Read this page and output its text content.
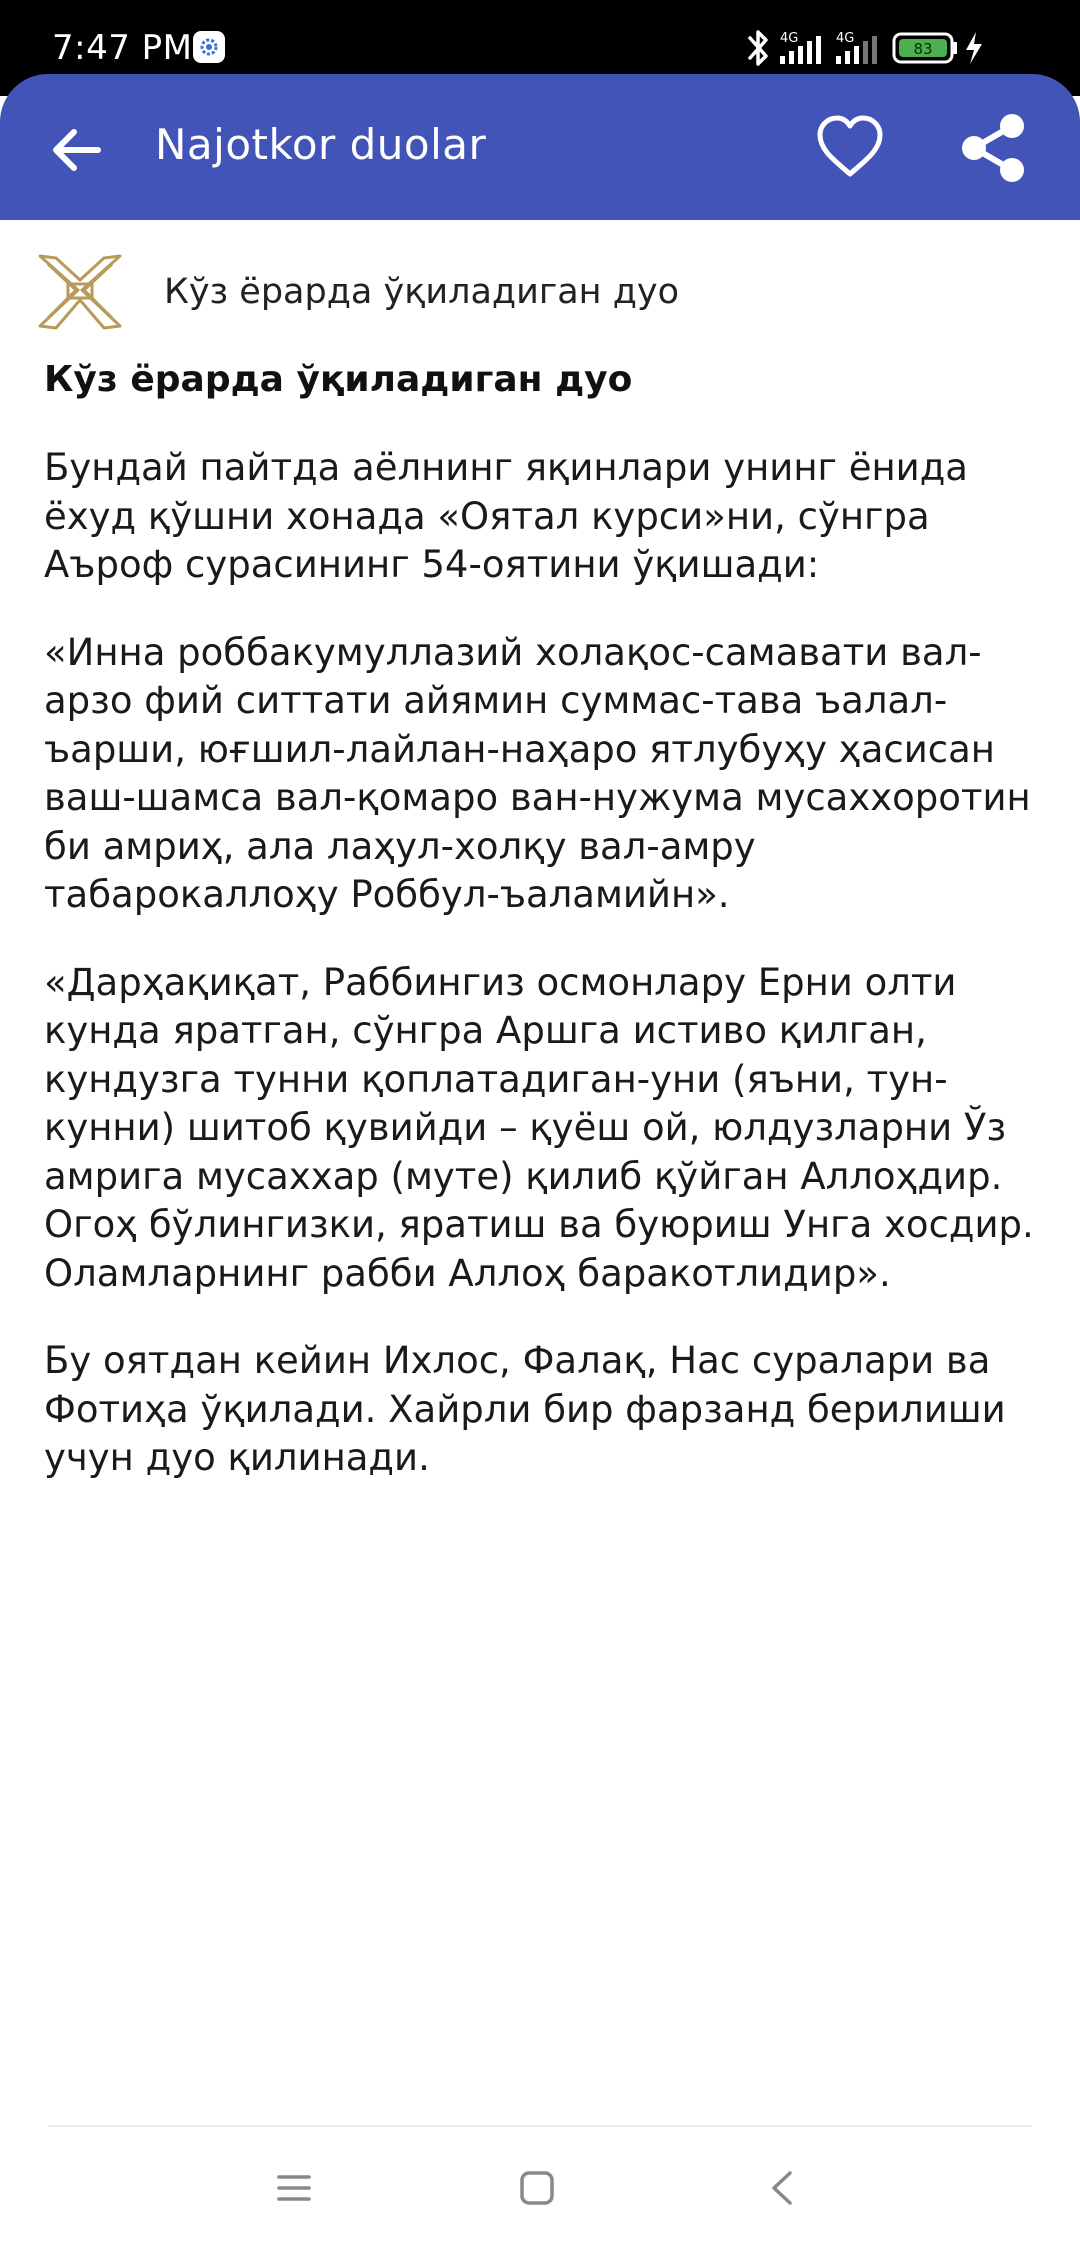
7:47 PM	4G	4G
83
Najotkor duolar
Кўз ёрарда ўқиладиган дуо
Кўз ёрарда ўқиладиган дуо

Бундай пайтда аёлнинг яқинлари унинг ёнида ёхуд қўшни хонада «Оятал курси»ни, сўнгра Аъроф сурасининг 54-оятини ўқишади:

«Инна роббакумуллазий холақос-самавати вал-арзо фий ситтати айямин суммас-тава ъалал-ъарши, юғшил-лайлан-наҳаро ятлубуҳу ҳасисан ваш-шамса вал-қомаро ван-нужума мусаххоротин би амриҳ, ала лаҳул-холқу вал-амру табарокаллоҳу Роббул-ъаламийн».

«Дарҳақиқат, Раббингиз осмонлару Ерни олти кунда яратган, сўнгра Аршга истиво қилган, кундузга тунни қоплатадиган-уни (яъни, тун-кунни) шитоб қувийди – қуёш ой, юлдузларни Ўз амрига мусаххар (муте) қилиб қўйган Аллоҳдир. Огоҳ бўлингизки, яратиш ва буюриш Унга хосдир. Оламларнинг рабби Аллоҳ баракотлидир».

Бу оятдан кейин Ихлос, Фалақ, Нас суралари ва Фотиҳа ўқилади. Хайрли бир фарзанд берилиши учун дуо қилинади.
